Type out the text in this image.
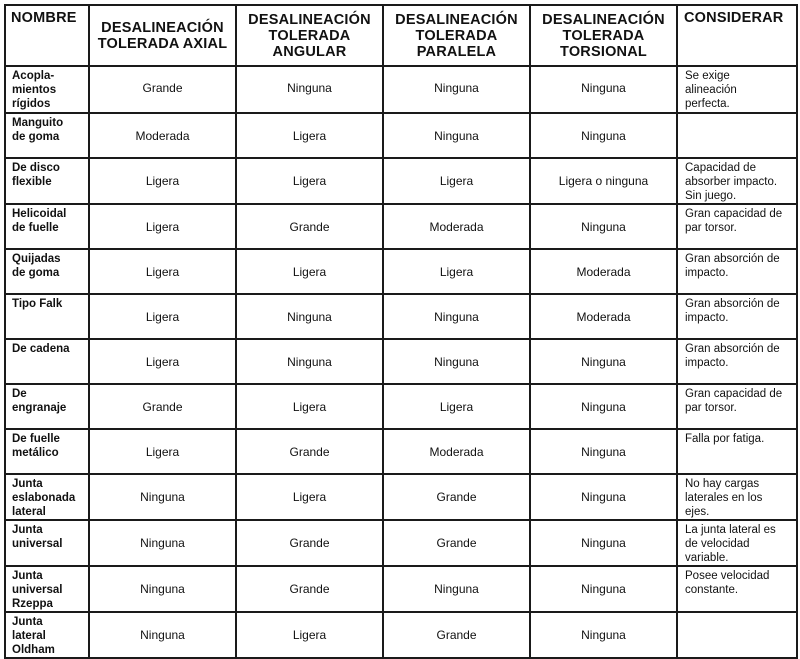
NOMBRE	DESALINEACIÓN TOLERADA AXIAL	DESALINEACIÓN TOLERADA ANGULAR	DESALINEACIÓN TOLERADA PARALELA	DESALINEACIÓN TOLERADA TORSIONAL	CONSIDERAR
Acopla-
mientos
rígidos	Grande	Ninguna	Ninguna	Ninguna	Se exige
alineación
perfecta.
Manguito
de goma	Moderada	Ligera	Ninguna	Ninguna	
De disco
flexible	Ligera	Ligera	Ligera	Ligera o ninguna	Capacidad de
absorber impacto.
Sin juego.
Helicoidal
de fuelle	Ligera	Grande	Moderada	Ninguna	Gran capacidad de
par torsor.
Quijadas
de goma	Ligera	Ligera	Ligera	Moderada	Gran absorción de
impacto.
Tipo Falk	Ligera	Ninguna	Ninguna	Moderada	Gran absorción de
impacto.
De cadena	Ligera	Ninguna	Ninguna	Ninguna	Gran absorción de
impacto.
De
engranaje	Grande	Ligera	Ligera	Ninguna	Gran capacidad de
par torsor.
De fuelle
metálico	Ligera	Grande	Moderada	Ninguna	Falla por fatiga.
Junta
eslabonada
lateral	Ninguna	Ligera	Grande	Ninguna	No hay cargas
laterales en los
ejes.
Junta
universal	Ninguna	Grande	Grande	Ninguna	La junta lateral es
de velocidad
variable.
Junta
universal
Rzeppa	Ninguna	Grande	Ninguna	Ninguna	Posee velocidad
constante.
Junta
lateral
Oldham	Ninguna	Ligera	Grande	Ninguna	
